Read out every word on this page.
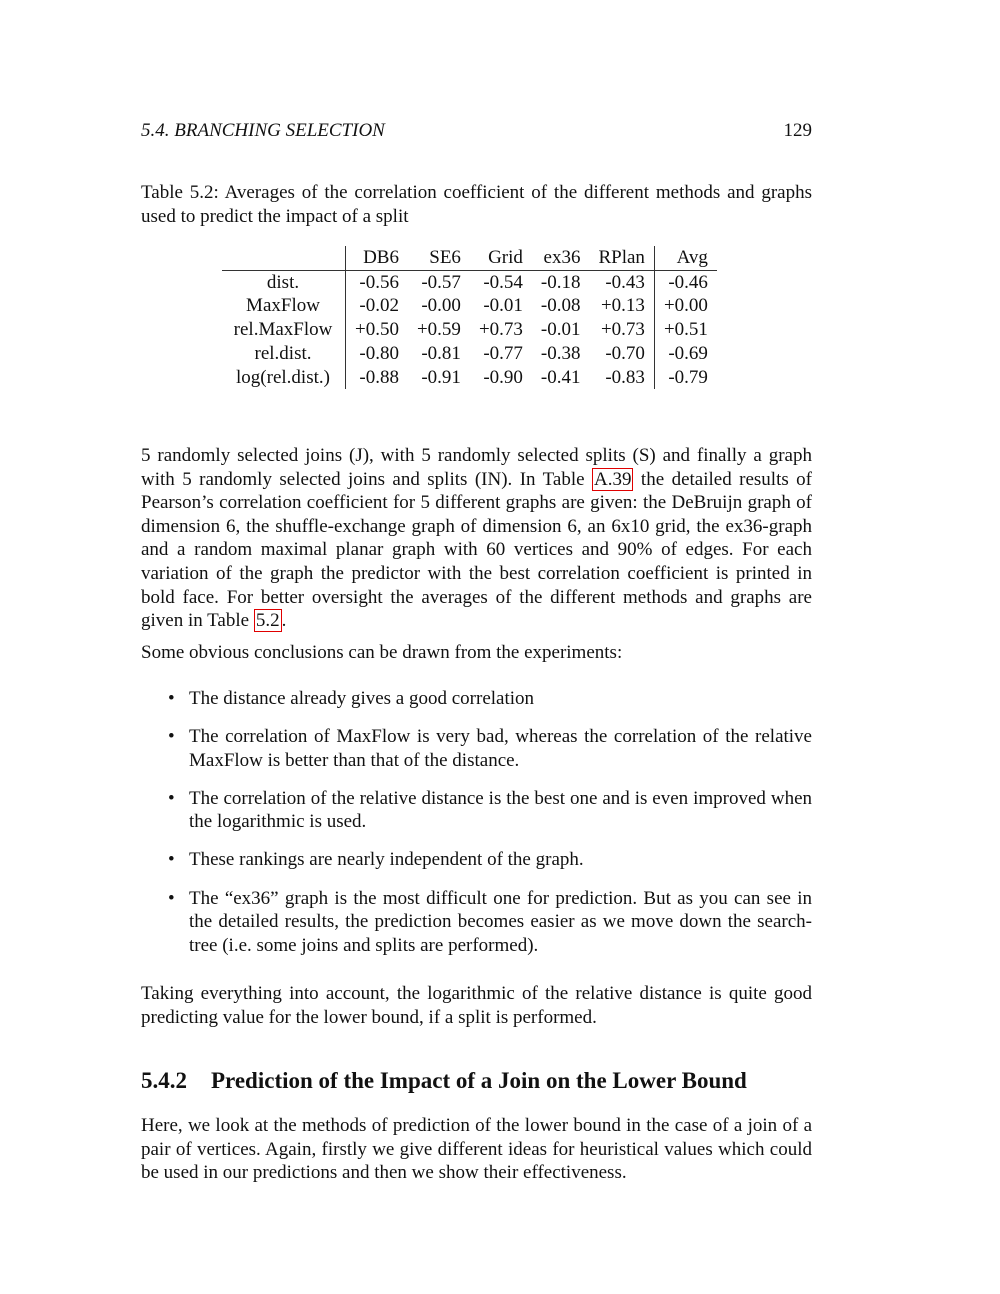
5.4. BRANCHING SELECTION	129
Table 5.2: Averages of the correlation coefficient of the different methods and graphs used to predict the impact of a split
	DB6	SE6	Grid	ex36	RPlan	Avg
dist.	-0.56	-0.57	-0.54	-0.18	-0.43	-0.46
MaxFlow	-0.02	-0.00	-0.01	-0.08	+0.13	+0.00
rel.MaxFlow	+0.50	+0.59	+0.73	-0.01	+0.73	+0.51
rel.dist.	-0.80	-0.81	-0.77	-0.38	-0.70	-0.69
log(rel.dist.)	-0.88	-0.91	-0.90	-0.41	-0.83	-0.79
5 randomly selected joins (J), with 5 randomly selected splits (S) and finally a graph with 5 randomly selected joins and splits (IN). In Table A.39 the detailed results of Pearson’s correlation coefficient for 5 different graphs are given: the DeBruijn graph of dimension 6, the shuffle-exchange graph of dimension 6, an 6x10 grid, the ex36-graph and a random maximal planar graph with 60 vertices and 90% of edges. For each variation of the graph the predictor with the best correlation coefficient is printed in bold face. For better oversight the averages of the different methods and graphs are given in Table 5.2 .
Some obvious conclusions can be drawn from the experiments:
• The distance already gives a good correlation
• The correlation of MaxFlow is very bad, whereas the correlation of the relative MaxFlow is better than that of the distance.
• The correlation of the relative distance is the best one and is even improved when the logarithmic is used.
• These rankings are nearly independent of the graph.
• The “ex36” graph is the most difficult one for prediction. But as you can see in the detailed results, the prediction becomes easier as we move down the search-tree (i.e. some joins and splits are performed).
Taking everything into account, the logarithmic of the relative distance is quite good predicting value for the lower bound, if a split is performed.
5.4.2 Prediction of the Impact of a Join on the Lower Bound
Here, we look at the methods of prediction of the lower bound in the case of a join of a pair of vertices. Again, firstly we give different ideas for heuristical values which could be used in our predictions and then we show their effectiveness.
